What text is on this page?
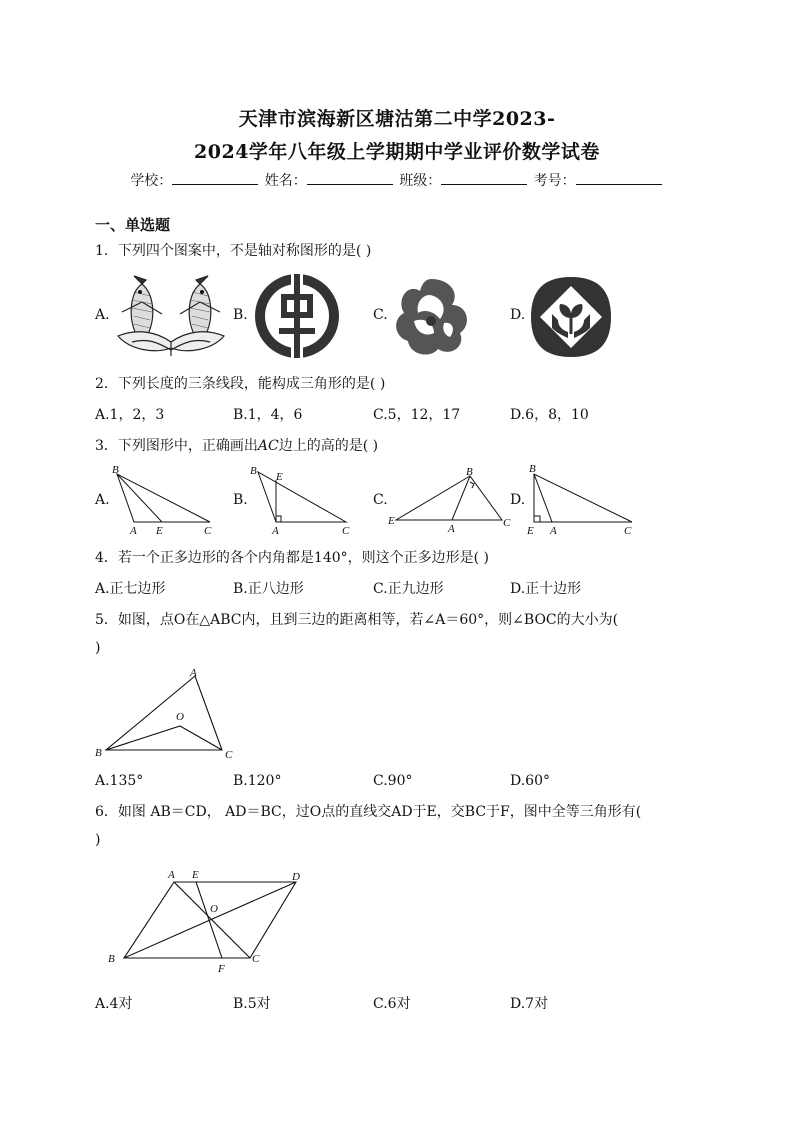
天津市滨海新区塘沽第二中学2023-
2024学年八年级上学期期中学业评价数学试卷
学校：	姓名：	班级：	考号：
一、单选题
1．下列四个图案中，不是轴对称图形的是( )
A.	B.	C.	D.
2．下列长度的三条线段，能构成三角形的是( )
A.1，2，3	B.1，4，6	C.5，12，17	D.6，8，10
3．下列图形中，正确画出AC边上的高的是( )
A.	B.	C.	D.
B
A E	C
B E
A	C
B
E
A	C
B
E A	C
4．若一个正多边形的各个内角都是140°，则这个正多边形是( )
A.正七边形	B.正八边形	C.正九边形	D.正十边形
5．如图，点O在△ABC内，且到三边的距离相等，若∠A＝60°，则∠BOC的大小为(
)
A
O
B	C
A.135°	B.120°	C.90°	D.60°
6．如图 AB＝CD， AD＝BC，过O点的直线交AD于E，交BC于F，图中全等三角形有(
)
A E	D
O
B
F
C
A.4对	B.5对	C.6对	D.7对
